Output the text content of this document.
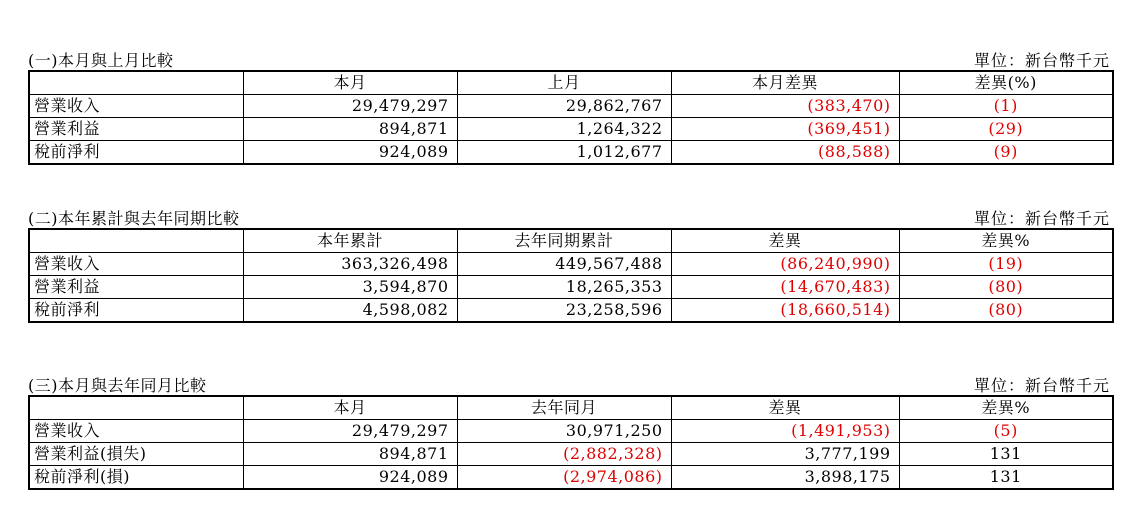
(一)本月與上月比較	單位：新台幣千元
	本月	上月	本月差異	差異(%)
營業收入	29,479,297	29,862,767	(383,470)	(1)
營業利益	894,871	1,264,322	(369,451)	(29)
稅前淨利	924,089	1,012,677	(88,588)	(9)
(二)本年累計與去年同期比較	單位：新台幣千元
	本年累計	去年同期累計	差異	差異%
營業收入	363,326,498	449,567,488	(86,240,990)	(19)
營業利益	3,594,870	18,265,353	(14,670,483)	(80)
稅前淨利	4,598,082	23,258,596	(18,660,514)	(80)
(三)本月與去年同月比較	單位：新台幣千元
	本月	去年同月	差異	差異%
營業收入	29,479,297	30,971,250	(1,491,953)	(5)
營業利益(損失)	894,871	(2,882,328)	3,777,199	131
稅前淨利(損)	924,089	(2,974,086)	3,898,175	131
